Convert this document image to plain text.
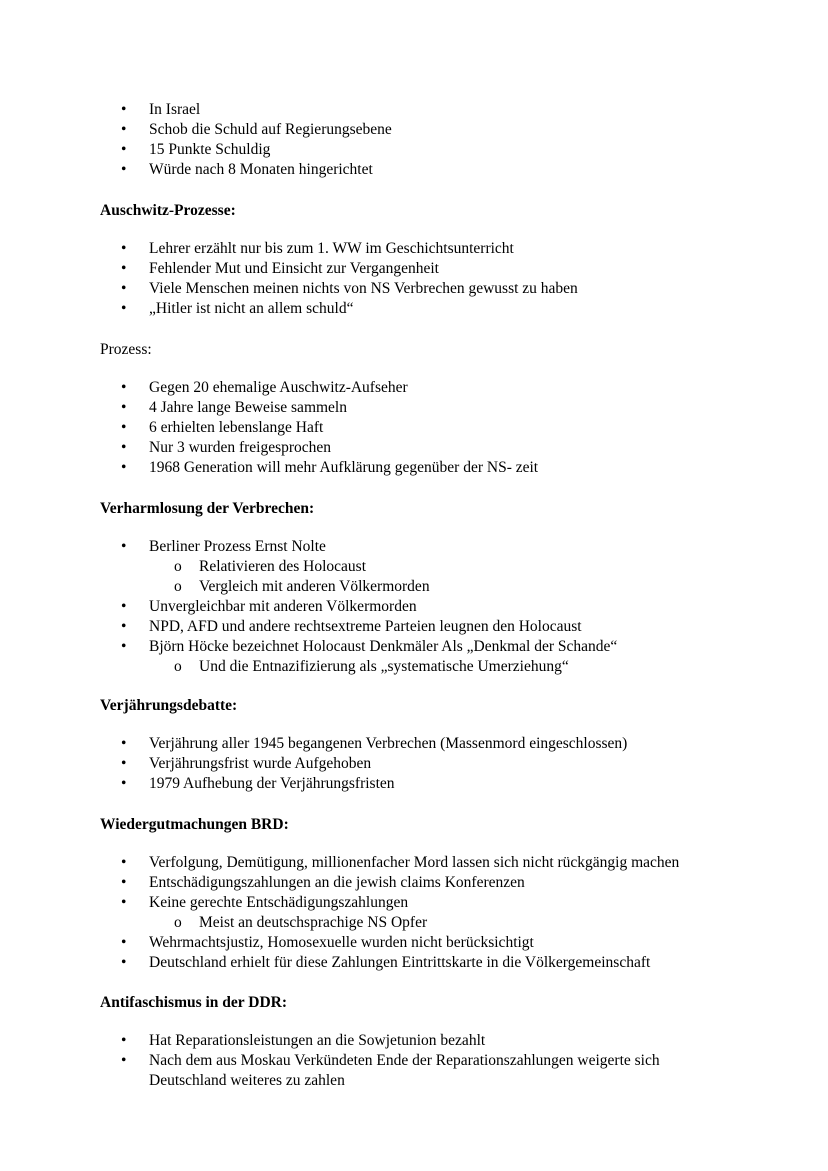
• In Israel
• Schob die Schuld auf Regierungsebene
• 15 Punkte Schuldig
• Würde nach 8 Monaten hingerichtet
Auschwitz-Prozesse:
• Lehrer erzählt nur bis zum 1. WW im Geschichtsunterricht
• Fehlender Mut und Einsicht zur Vergangenheit
• Viele Menschen meinen nichts von NS Verbrechen gewusst zu haben
• „Hitler ist nicht an allem schuld“

Prozess:

• Gegen 20 ehemalige Auschwitz-Aufseher
• 4 Jahre lange Beweise sammeln
• 6 erhielten lebenslange Haft
• Nur 3 wurden freigesprochen
• 1968 Generation will mehr Aufklärung gegenüber der NS- zeit
Verharmlosung der Verbrechen:
• Berliner Prozess Ernst Nolte
o Relativieren des Holocaust
o Vergleich mit anderen Völkermorden
• Unvergleichbar mit anderen Völkermorden
• NPD, AFD und andere rechtsextreme Parteien leugnen den Holocaust
• Björn Höcke bezeichnet Holocaust Denkmäler Als „Denkmal der Schande“
o Und die Entnazifizierung als „systematische Umerziehung“
Verjährungsdebatte:
• Verjährung aller 1945 begangenen Verbrechen (Massenmord eingeschlossen)
• Verjährungsfrist wurde Aufgehoben
• 1979 Aufhebung der Verjährungsfristen
Wiedergutmachungen BRD:
• Verfolgung, Demütigung, millionenfacher Mord lassen sich nicht rückgängig machen
• Entschädigungszahlungen an die jewish claims Konferenzen
• Keine gerechte Entschädigungszahlungen
o Meist an deutschsprachige NS Opfer
• Wehrmachtsjustiz, Homosexuelle wurden nicht berücksichtigt
• Deutschland erhielt für diese Zahlungen Eintrittskarte in die Völkergemeinschaft
Antifaschismus in der DDR:
• Hat Reparationsleistungen an die Sowjetunion bezahlt
• Nach dem aus Moskau Verkündeten Ende der Reparationszahlungen weigerte sich Deutschland weiteres zu zahlen
